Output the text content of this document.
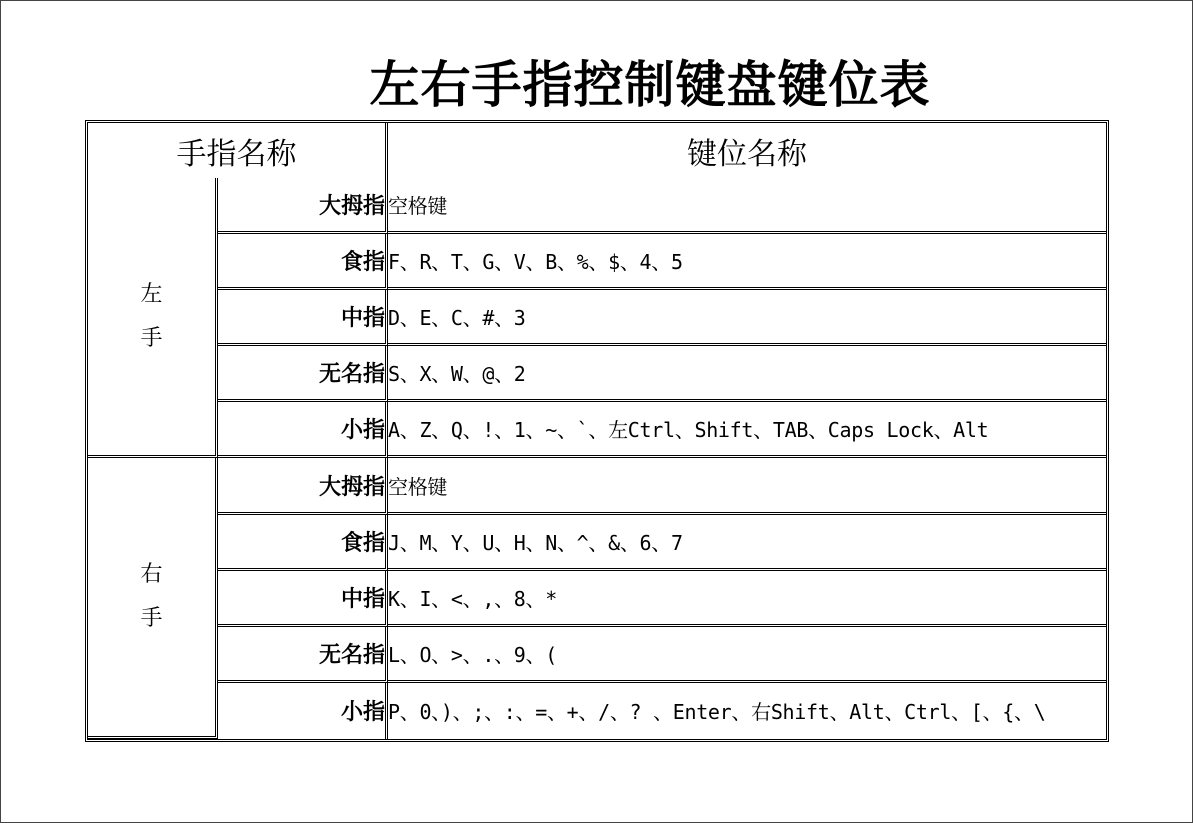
左右手指控制键盘键位表
手指名称		键位名称

左
手	大拇指	空格键
	食指	F、R、T、G、V、B、%、$、4、5
	中指	D、E、C、#、3
	无名指	S、X、W、@、2
	小指	A、Z、Q、!、1、~、`、左Ctrl、Shift、TAB、Caps Lock、Alt

右
手	大拇指	空格键
	食指	J、M、Y、U、H、N、^、&、6、7
	中指	K、I、<、,、8、*
	无名指	L、O、>、.、9、(
	小指	P、0、)、;、:、=、+、/、? 、Enter、右Shift、Alt、Ctrl、[、{、\
